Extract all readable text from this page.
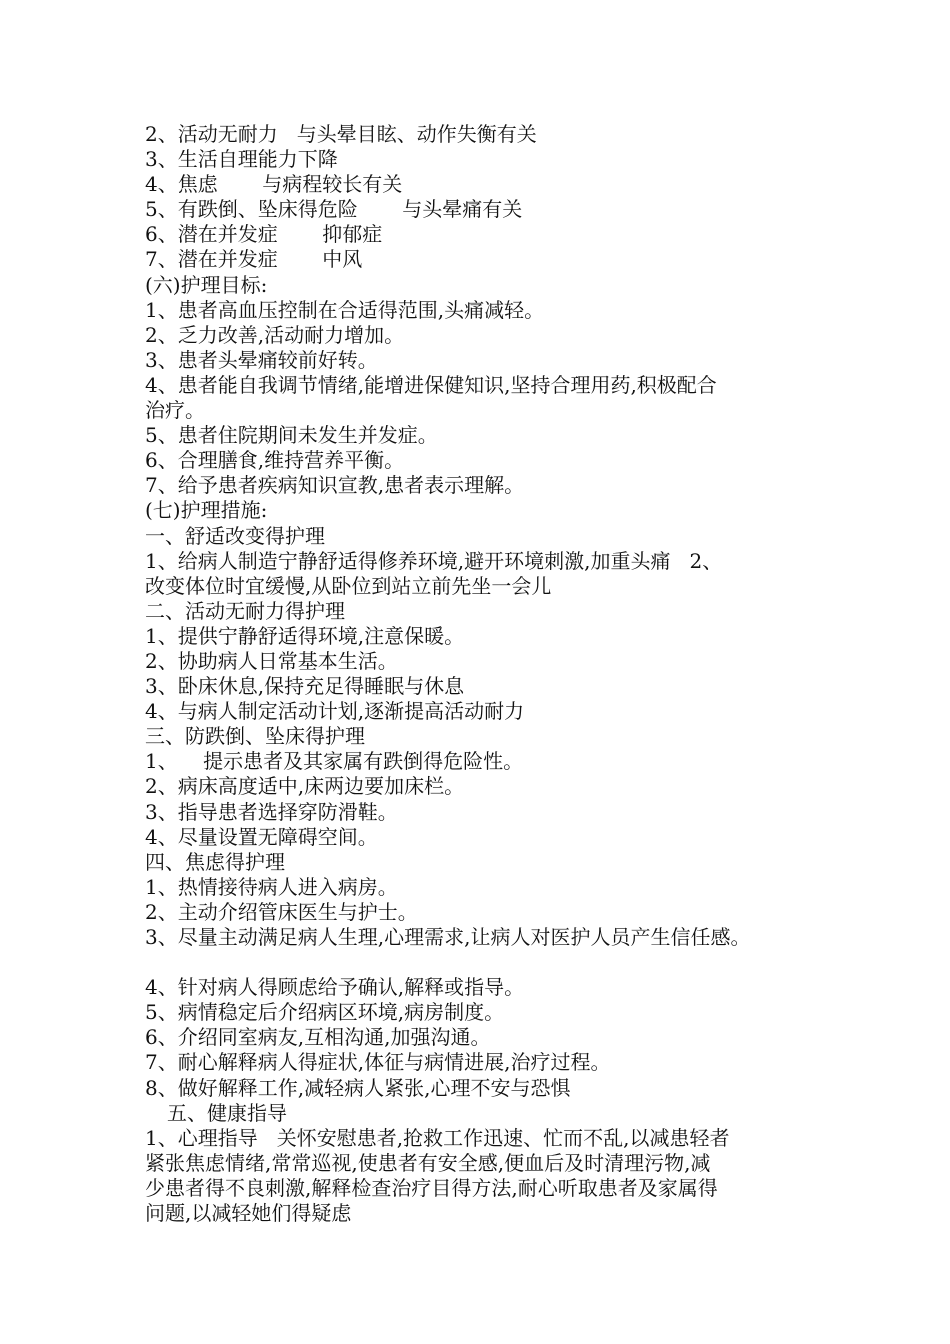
2、活动无耐力   与头晕目眩、动作失衡有关
3、生活自理能力下降
4、焦虑       与病程较长有关
5、有跌倒、坠床得危险       与头晕痛有关
6、潜在并发症       抑郁症
7、潜在并发症       中风
(六)护理目标:
1、患者高血压控制在合适得范围,头痛减轻。
2、乏力改善,活动耐力增加。
3、患者头晕痛较前好转。
4、患者能自我调节情绪,能增进保健知识,坚持合理用药,积极配合
治疗。
5、患者住院期间未发生并发症。
6、合理膳食,维持营养平衡。
7、给予患者疾病知识宣教,患者表示理解。
(七)护理措施:
一、舒适改变得护理
1、给病人制造宁静舒适得修养环境,避开环境刺激,加重头痛   2、
改变体位时宜缓慢,从卧位到站立前先坐一会儿
二、活动无耐力得护理
1、提供宁静舒适得环境,注意保暖。
2、协助病人日常基本生活。
3、卧床休息,保持充足得睡眠与休息
4、与病人制定活动计划,逐渐提高活动耐力
三、防跌倒、坠床得护理
1、    提示患者及其家属有跌倒得危险性。
2、病床高度适中,床两边要加床栏。
3、指导患者选择穿防滑鞋。
4、尽量设置无障碍空间。
四、焦虑得护理
1、热情接待病人进入病房。
2、主动介绍管床医生与护士。
3、尽量主动满足病人生理,心理需求,让病人对医护人员产生信任感。
4、针对病人得顾虑给予确认,解释或指导。
5、病情稳定后介绍病区环境,病房制度。
6、介绍同室病友,互相沟通,加强沟通。
7、耐心解释病人得症状,体征与病情进展,治疗过程。
8、做好解释工作,减轻病人紧张,心理不安与恐惧
五、健康指导
1、心理指导   关怀安慰患者,抢救工作迅速、忙而不乱,以减患轻者
紧张焦虑情绪,常常巡视,使患者有安全感,便血后及时清理污物,减
少患者得不良刺激,解释检查治疗目得方法,耐心听取患者及家属得
问题,以减轻她们得疑虑
